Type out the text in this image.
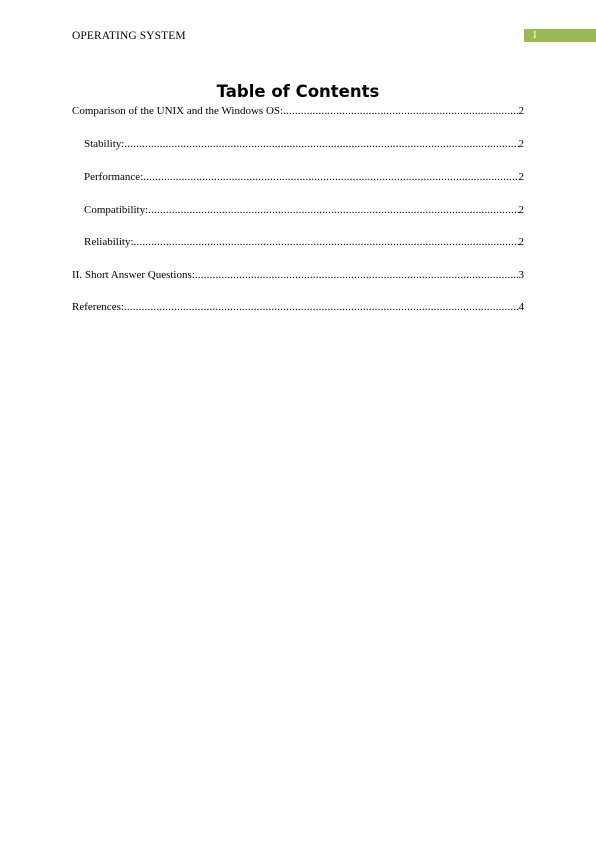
OPERATING SYSTEM	1
Table of Contents
Comparison of the UNIX and the Windows OS: .....	2
Stability: .....	2
Performance: .....	2
Compatibility: .....	2
Reliability: .....	2
II. Short Answer Questions: .....	3
References: .....	4
